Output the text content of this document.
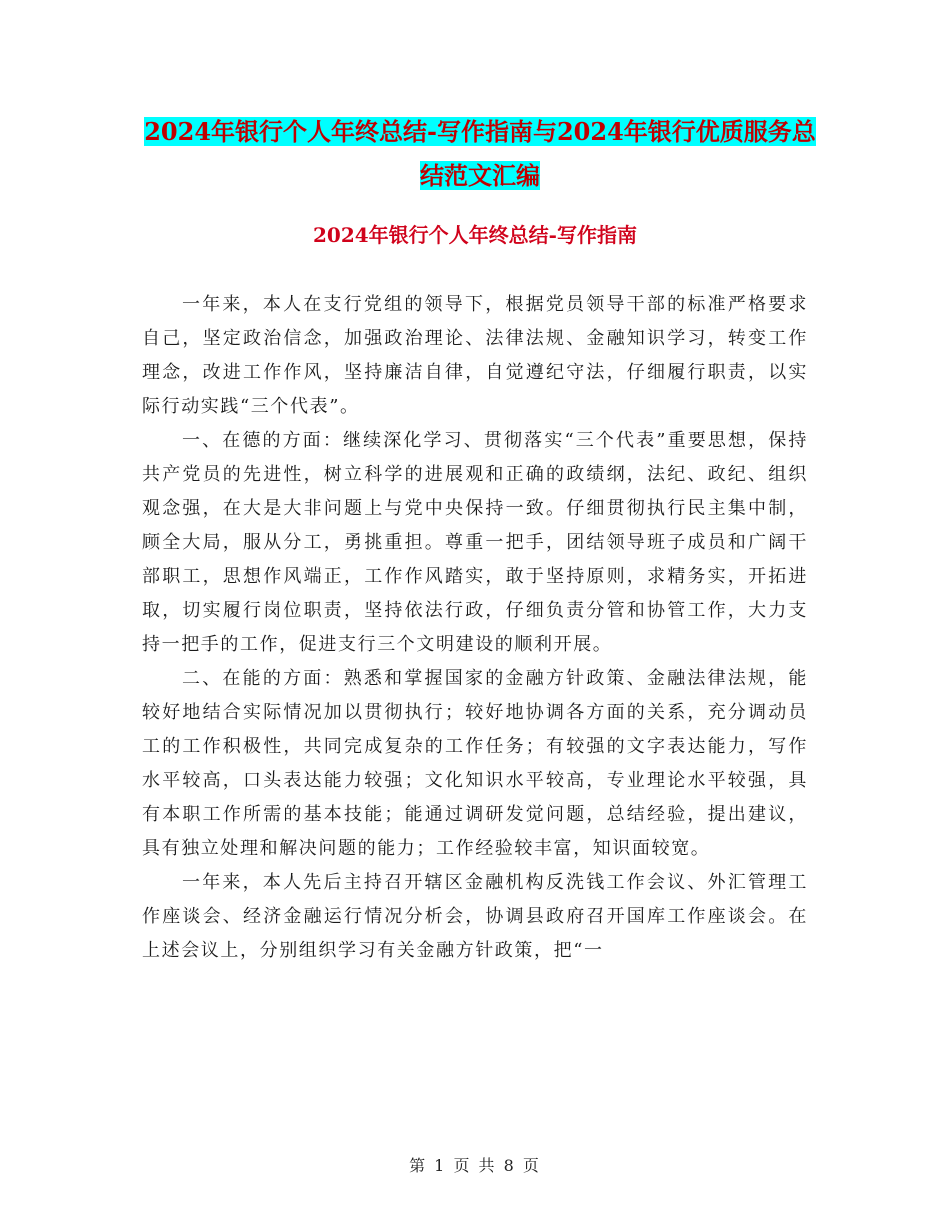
2024年银行个人年终总结-写作指南与2024年银行优质服务总结范文汇编
2024年银行个人年终总结-写作指南

一年来，本人在支行党组的领导下，根据党员领导干部的标准严格要求自己，坚定政治信念，加强政治理论、法律法规、金融知识学习，转变工作理念，改进工作作风，坚持廉洁自律，自觉遵纪守法，仔细履行职责，以实际行动实践“三个代表”。

一、在德的方面：继续深化学习、贯彻落实“三个代表”重要思想，保持共产党员的先进性，树立科学的进展观和正确的政绩纲，法纪、政纪、组织观念强，在大是大非问题上与党中央保持一致。仔细贯彻执行民主集中制，顾全大局，服从分工，勇挑重担。尊重一把手，团结领导班子成员和广阔干部职工，思想作风端正，工作作风踏实，敢于坚持原则，求精务实，开拓进取，切实履行岗位职责，坚持依法行政，仔细负责分管和协管工作，大力支持一把手的工作，促进支行三个文明建设的顺利开展。

二、在能的方面：熟悉和掌握国家的金融方针政策、金融法律法规，能较好地结合实际情况加以贯彻执行；较好地协调各方面的关系，充分调动员工的工作积极性，共同完成复杂的工作任务；有较强的文字表达能力，写作水平较高，口头表达能力较强；文化知识水平较高，专业理论水平较强，具有本职工作所需的基本技能；能通过调研发觉问题，总结经验，提出建议，具有独立处理和解决问题的能力；工作经验较丰富，知识面较宽。

一年来，本人先后主持召开辖区金融机构反洗钱工作会议、外汇管理工作座谈会、经济金融运行情况分析会，协调县政府召开国库工作座谈会。在上述会议上，分别组织学习有关金融方针政策，把“一

第 1 页 共 8 页
